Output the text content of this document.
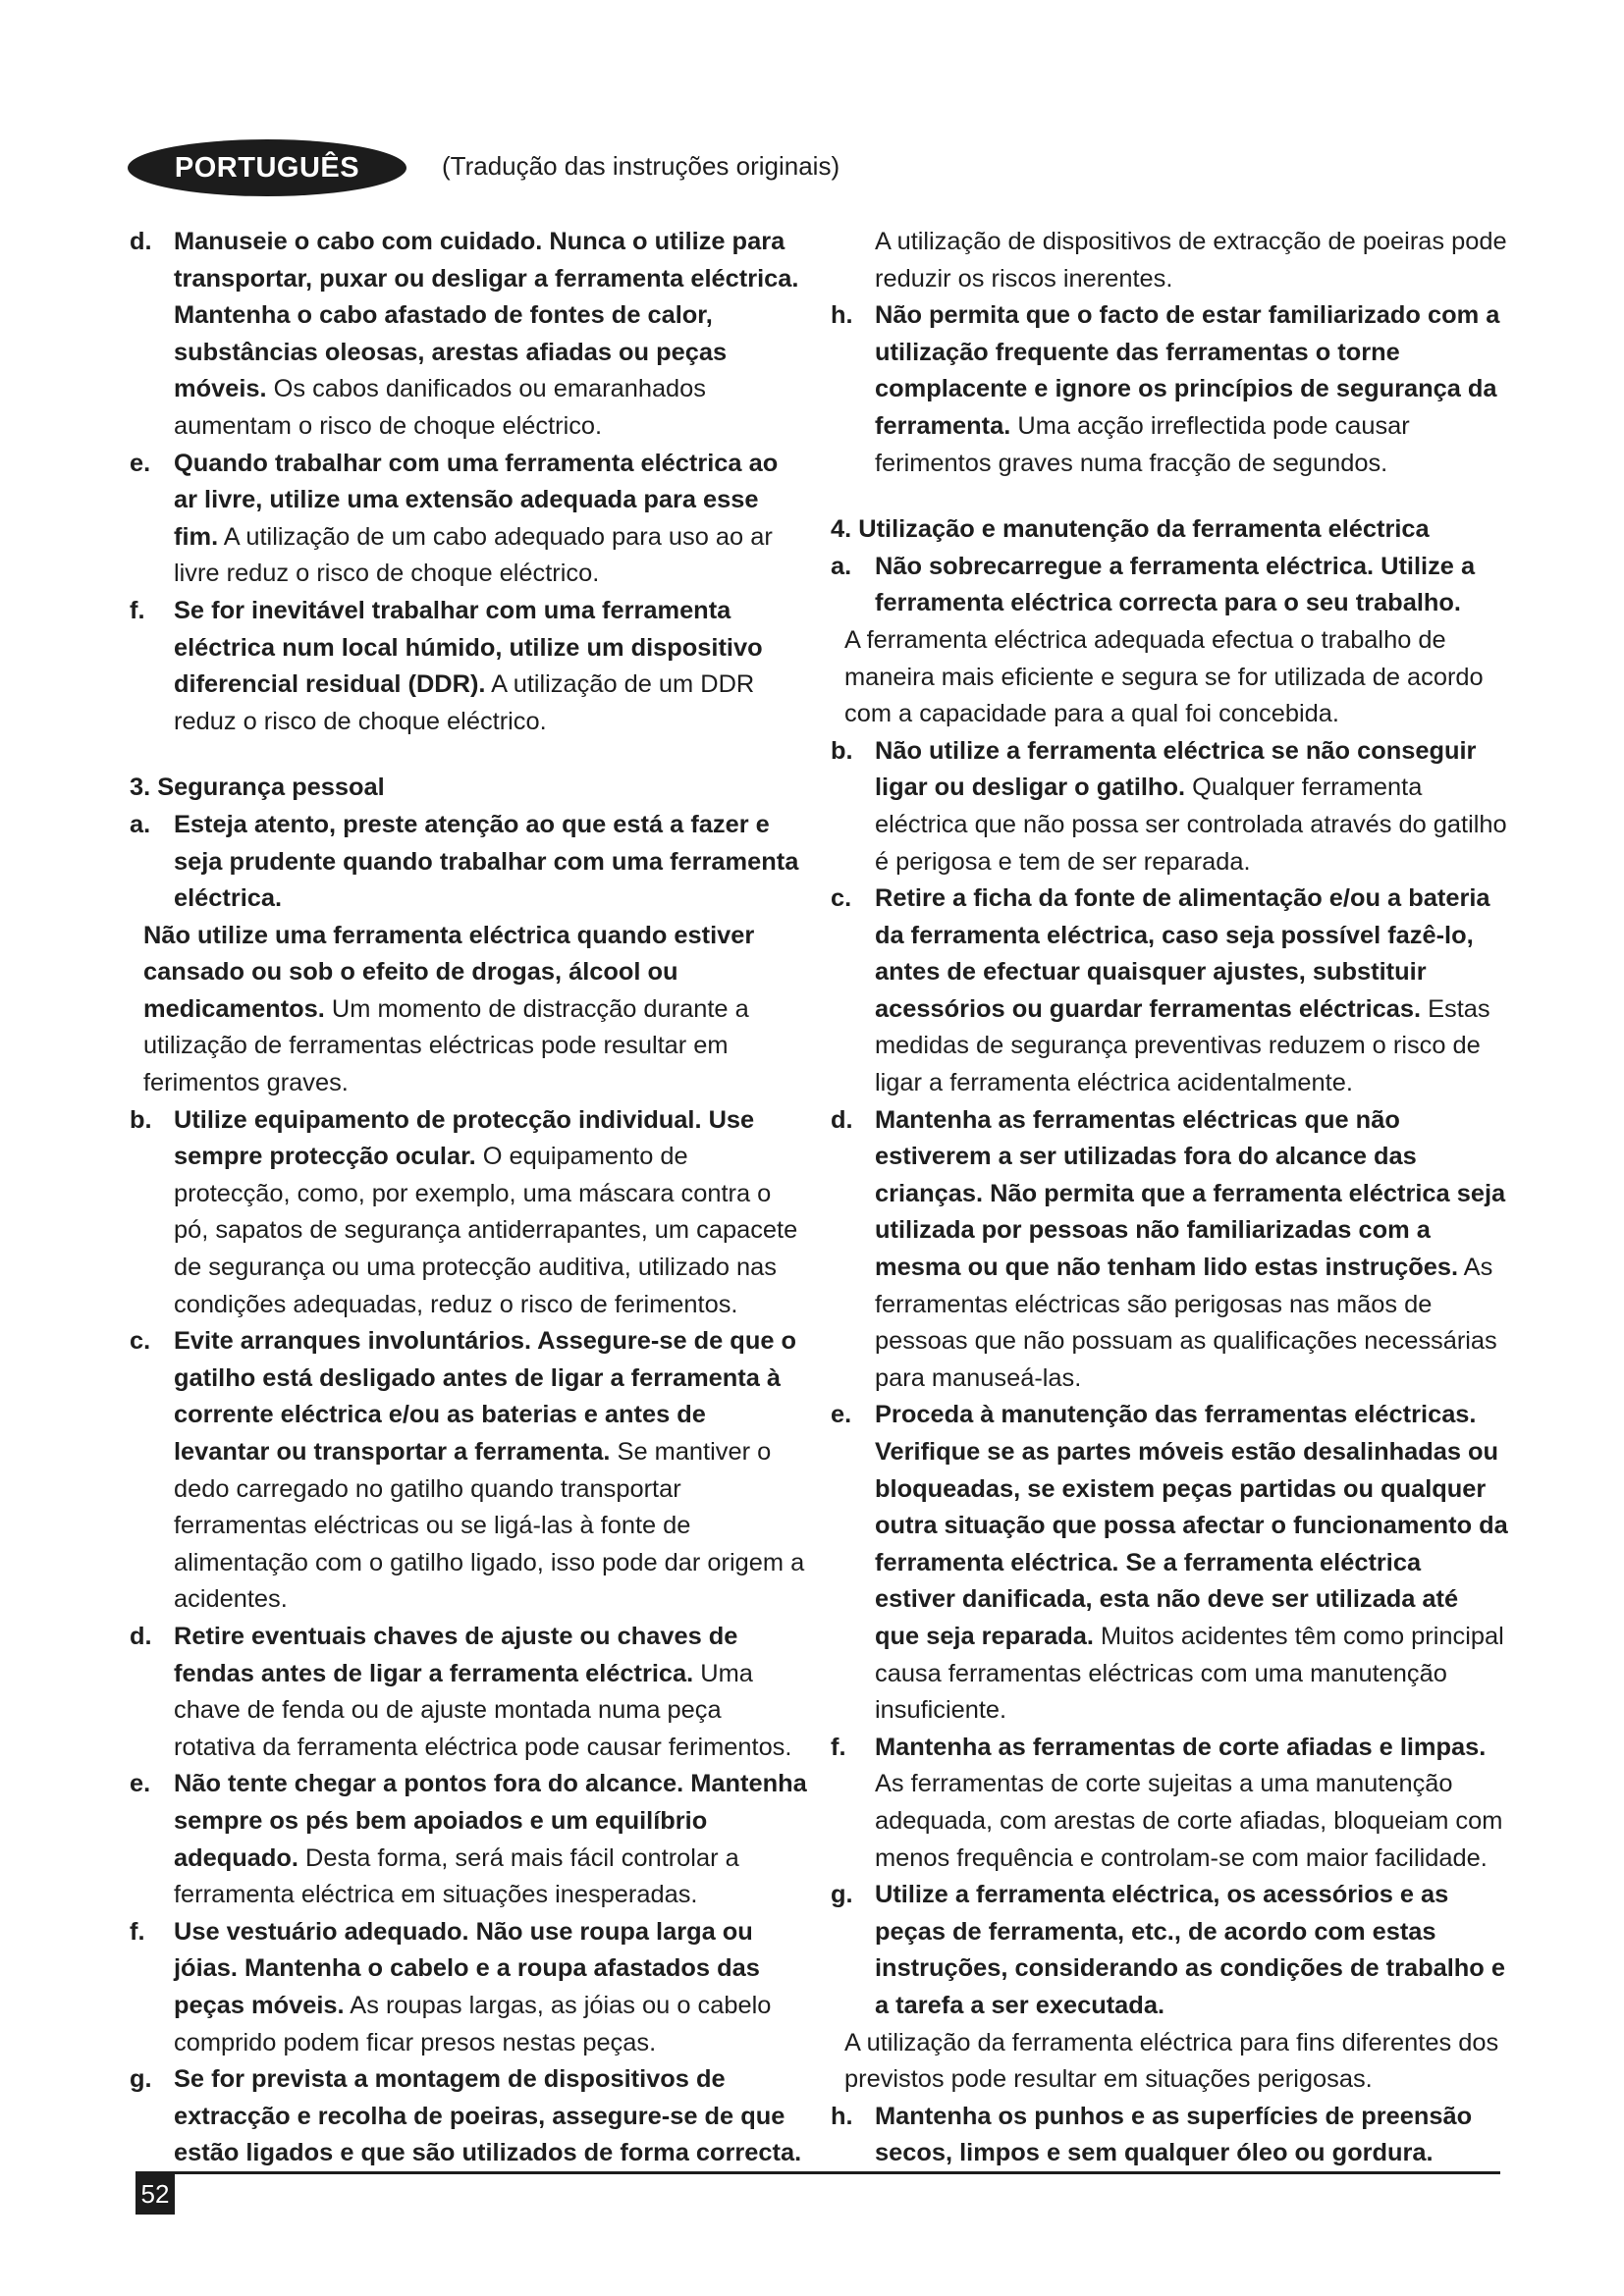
PORTUGUÊS	(Tradução das instruções originais)
d. Manuseie o cabo com cuidado. Nunca o utilize para transportar, puxar ou desligar a ferramenta eléctrica. Mantenha o cabo afastado de fontes de calor, substâncias oleosas, arestas afiadas ou peças móveis. Os cabos danificados ou emaranhados aumentam o risco de choque eléctrico.
e. Quando trabalhar com uma ferramenta eléctrica ao ar livre, utilize uma extensão adequada para esse fim. A utilização de um cabo adequado para uso ao ar livre reduz o risco de choque eléctrico.
f. Se for inevitável trabalhar com uma ferramenta eléctrica num local húmido, utilize um dispositivo diferencial residual (DDR). A utilização de um DDR reduz o risco de choque eléctrico.
3. Segurança pessoal
a. Esteja atento, preste atenção ao que está a fazer e seja prudente quando trabalhar com uma ferramenta eléctrica.
Não utilize uma ferramenta eléctrica quando estiver cansado ou sob o efeito de drogas, álcool ou medicamentos. Um momento de distracção durante a utilização de ferramentas eléctricas pode resultar em ferimentos graves.
b. Utilize equipamento de protecção individual. Use sempre protecção ocular. O equipamento de protecção, como, por exemplo, uma máscara contra o pó, sapatos de segurança antiderrapantes, um capacete de segurança ou uma protecção auditiva, utilizado nas condições adequadas, reduz o risco de ferimentos.
c. Evite arranques involuntários. Assegure-se de que o gatilho está desligado antes de ligar a ferramenta à corrente eléctrica e/ou as baterias e antes de levantar ou transportar a ferramenta. Se mantiver o dedo carregado no gatilho quando transportar ferramentas eléctricas ou se ligá-las à fonte de alimentação com o gatilho ligado, isso pode dar origem a acidentes.
d. Retire eventuais chaves de ajuste ou chaves de fendas antes de ligar a ferramenta eléctrica. Uma chave de fenda ou de ajuste montada numa peça rotativa da ferramenta eléctrica pode causar ferimentos.
e. Não tente chegar a pontos fora do alcance. Mantenha sempre os pés bem apoiados e um equilíbrio adequado. Desta forma, será mais fácil controlar a ferramenta eléctrica em situações inesperadas.
f. Use vestuário adequado. Não use roupa larga ou jóias. Mantenha o cabelo e a roupa afastados das peças móveis. As roupas largas, as jóias ou o cabelo comprido podem ficar presos nestas peças.
g. Se for prevista a montagem de dispositivos de extracção e recolha de poeiras, assegure-se de que estão ligados e que são utilizados de forma correcta.
A utilização de dispositivos de extracção de poeiras pode reduzir os riscos inerentes.
h. Não permita que o facto de estar familiarizado com a utilização frequente das ferramentas o torne complacente e ignore os princípios de segurança da ferramenta. Uma acção irreflectida pode causar ferimentos graves numa fracção de segundos.
4. Utilização e manutenção da ferramenta eléctrica
a. Não sobrecarregue a ferramenta eléctrica. Utilize a ferramenta eléctrica correcta para o seu trabalho.
A ferramenta eléctrica adequada efectua o trabalho de maneira mais eficiente e segura se for utilizada de acordo com a capacidade para a qual foi concebida.
b. Não utilize a ferramenta eléctrica se não conseguir ligar ou desligar o gatilho. Qualquer ferramenta eléctrica que não possa ser controlada através do gatilho é perigosa e tem de ser reparada.
c. Retire a ficha da fonte de alimentação e/ou a bateria da ferramenta eléctrica, caso seja possível fazê-lo, antes de efectuar quaisquer ajustes, substituir acessórios ou guardar ferramentas eléctricas. Estas medidas de segurança preventivas reduzem o risco de ligar a ferramenta eléctrica acidentalmente.
d. Mantenha as ferramentas eléctricas que não estiverem a ser utilizadas fora do alcance das crianças. Não permita que a ferramenta eléctrica seja utilizada por pessoas não familiarizadas com a mesma ou que não tenham lido estas instruções. As ferramentas eléctricas são perigosas nas mãos de pessoas que não possuam as qualificações necessárias para manuseá-las.
e. Proceda à manutenção das ferramentas eléctricas. Verifique se as partes móveis estão desalinhadas ou bloqueadas, se existem peças partidas ou qualquer outra situação que possa afectar o funcionamento da ferramenta eléctrica. Se a ferramenta eléctrica estiver danificada, esta não deve ser utilizada até que seja reparada. Muitos acidentes têm como principal causa ferramentas eléctricas com uma manutenção insuficiente.
f. Mantenha as ferramentas de corte afiadas e limpas. As ferramentas de corte sujeitas a uma manutenção adequada, com arestas de corte afiadas, bloqueiam com menos frequência e controlam-se com maior facilidade.
g. Utilize a ferramenta eléctrica, os acessórios e as peças de ferramenta, etc., de acordo com estas instruções, considerando as condições de trabalho e a tarefa a ser executada.
A utilização da ferramenta eléctrica para fins diferentes dos previstos pode resultar em situações perigosas.
h. Mantenha os punhos e as superfícies de preensão secos, limpos e sem qualquer óleo ou gordura.
52
